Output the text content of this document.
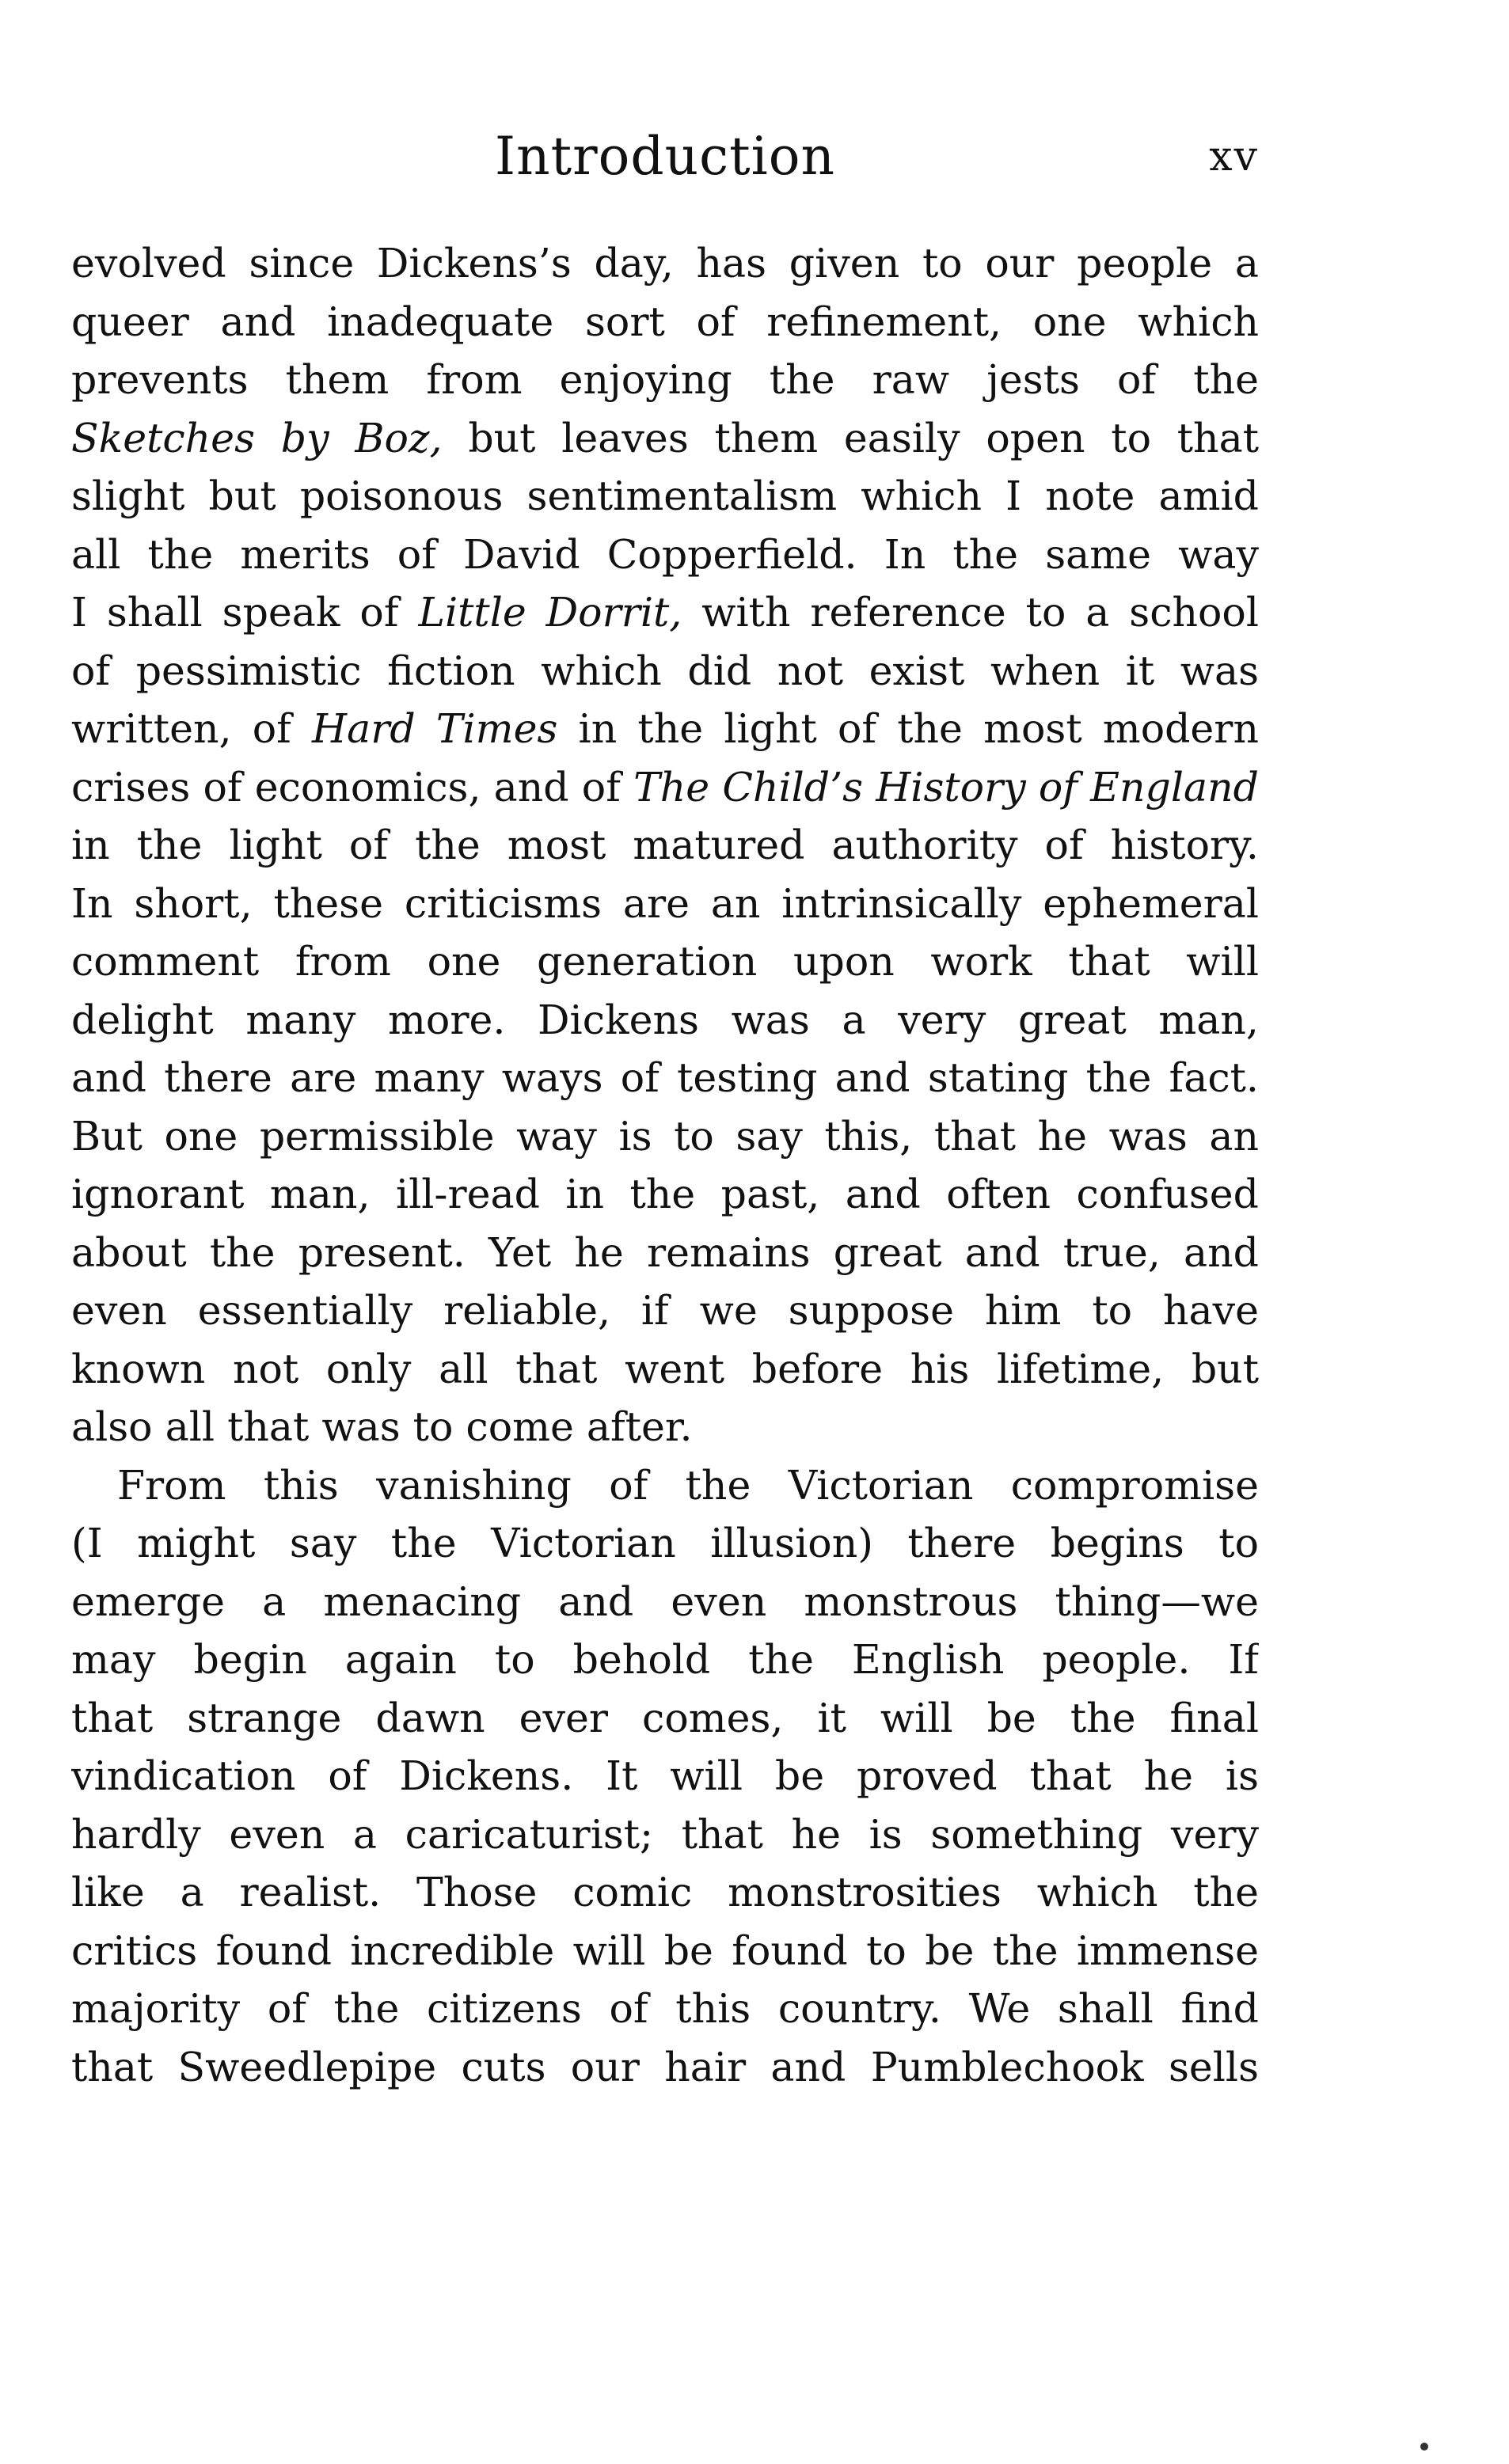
Introduction	xv
evolved since Dickens’s day, has given to our people a
queer and inadequate sort of refinement, one which
prevents them from enjoying the raw jests of the
Sketches by Boz, but leaves them easily open to that
slight but poisonous sentimentalism which I note amid
all the merits of David Copperfield. In the same way
I shall speak of Little Dorrit, with reference to a school
of pessimistic fiction which did not exist when it was
written, of Hard Times in the light of the most modern
crises of economics, and of The Child’s History of England
in the light of the most matured authority of history.
In short, these criticisms are an intrinsically ephemeral
comment from one generation upon work that will
delight many more. Dickens was a very great man,
and there are many ways of testing and stating the fact.
But one permissible way is to say this, that he was an
ignorant man, ill-read in the past, and often confused
about the present. Yet he remains great and true, and
even essentially reliable, if we suppose him to have
known not only all that went before his lifetime, but
also all that was to come after.
From this vanishing of the Victorian compromise
(I might say the Victorian illusion) there begins to
emerge a menacing and even monstrous thing—we
may begin again to behold the English people. If
that strange dawn ever comes, it will be the final
vindication of Dickens. It will be proved that he is
hardly even a caricaturist; that he is something very
like a realist. Those comic monstrosities which the
critics found incredible will be found to be the immense
majority of the citizens of this country. We shall find
that Sweedlepipe cuts our hair and Pumblechook sells
